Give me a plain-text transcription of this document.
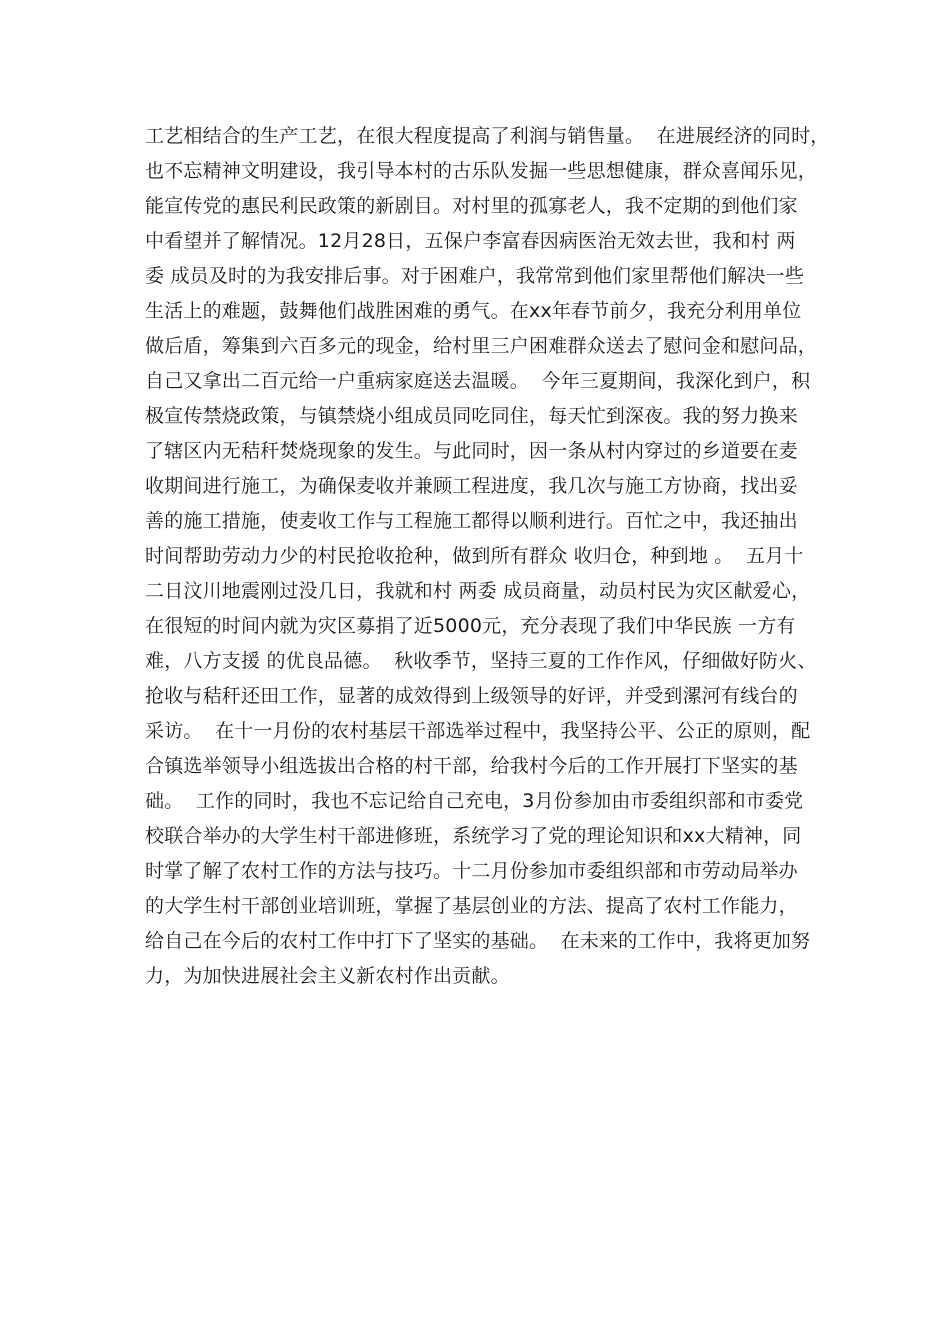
工艺相结合的生产工艺，在很大程度提高了利润与销售量。  在进展经济的同时，
也不忘精神文明建设，我引导本村的古乐队发掘一些思想健康，群众喜闻乐见，
能宣传党的惠民利民政策的新剧目。对村里的孤寡老人，我不定期的到他们家
中看望并了解情况。12月28日，五保户李富春因病医治无效去世，我和村 两
委 成员及时的为我安排后事。对于困难户，我常常到他们家里帮他们解决一些
生活上的难题，鼓舞他们战胜困难的勇气。在xx年春节前夕，我充分利用单位
做后盾，筹集到六百多元的现金，给村里三户困难群众送去了慰问金和慰问品，
自己又拿出二百元给一户重病家庭送去温暖。  今年三夏期间，我深化到户，积
极宣传禁烧政策，与镇禁烧小组成员同吃同住，每天忙到深夜。我的努力换来
了辖区内无秸秆焚烧现象的发生。与此同时，因一条从村内穿过的乡道要在麦
收期间进行施工，为确保麦收并兼顾工程进度，我几次与施工方协商，找出妥
善的施工措施，使麦收工作与工程施工都得以顺利进行。百忙之中，我还抽出
时间帮助劳动力少的村民抢收抢种，做到所有群众 收归仓，种到地 。  五月十
二日汶川地震刚过没几日，我就和村 两委 成员商量，动员村民为灾区献爱心，
在很短的时间内就为灾区募捐了近5000元，充分表现了我们中华民族 一方有
难，八方支援 的优良品德。  秋收季节，坚持三夏的工作作风，仔细做好防火、
抢收与秸秆还田工作，显著的成效得到上级领导的好评，并受到漯河有线台的
采访。  在十一月份的农村基层干部选举过程中，我坚持公平、公正的原则，配
合镇选举领导小组选拔出合格的村干部，给我村今后的工作开展打下坚实的基
础。  工作的同时，我也不忘记给自己充电，3月份参加由市委组织部和市委党
校联合举办的大学生村干部进修班，系统学习了党的理论知识和xx大精神，同
时掌了解了农村工作的方法与技巧。十二月份参加市委组织部和市劳动局举办
的大学生村干部创业培训班，掌握了基层创业的方法、提高了农村工作能力，
给自己在今后的农村工作中打下了坚实的基础。  在未来的工作中，我将更加努
力，为加快进展社会主义新农村作出贡献。
